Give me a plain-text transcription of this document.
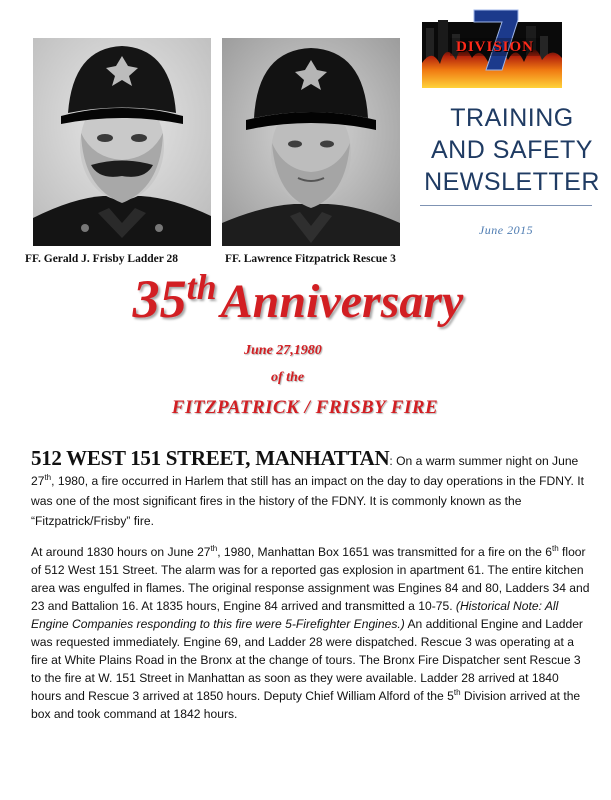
FF. Gerald J. Frisby Ladder 28	FF. Lawrence Fitzpatrick Rescue 3
DIVISION
TRAINING
AND SAFETY
NEWSLETTER
June 2015
35th Anniversary
June 27,1980
of the
FITZPATRICK / FRISBY FIRE

512 WEST 151 STREET, MANHATTAN: On a warm summer night on June 27th, 1980, a fire occurred in Harlem that still has an impact on the day to day operations in the FDNY. It was one of the most significant fires in the history of the FDNY. It is commonly known as the “Fitzpatrick/Frisby” fire.

At around 1830 hours on June 27th, 1980, Manhattan Box 1651 was transmitted for a fire on the 6th floor of 512 West 151 Street. The alarm was for a reported gas explosion in apartment 61. The entire kitchen area was engulfed in flames. The original response assignment was Engines 84 and 80, Ladders 34 and 23 and Battalion 16. At 1835 hours, Engine 84 arrived and transmitted a 10-75. (Historical Note: All Engine Companies responding to this fire were 5-Firefighter Engines.) An additional Engine and Ladder was requested immediately. Engine 69, and Ladder 28 were dispatched. Rescue 3 was operating at a fire at White Plains Road in the Bronx at the change of tours. The Bronx Fire Dispatcher sent Rescue 3 to the fire at W. 151 Street in Manhattan as soon as they were available. Ladder 28 arrived at 1840 hours and Rescue 3 arrived at 1850 hours. Deputy Chief William Alford of the 5th Division arrived at the box and took command at 1842 hours.
